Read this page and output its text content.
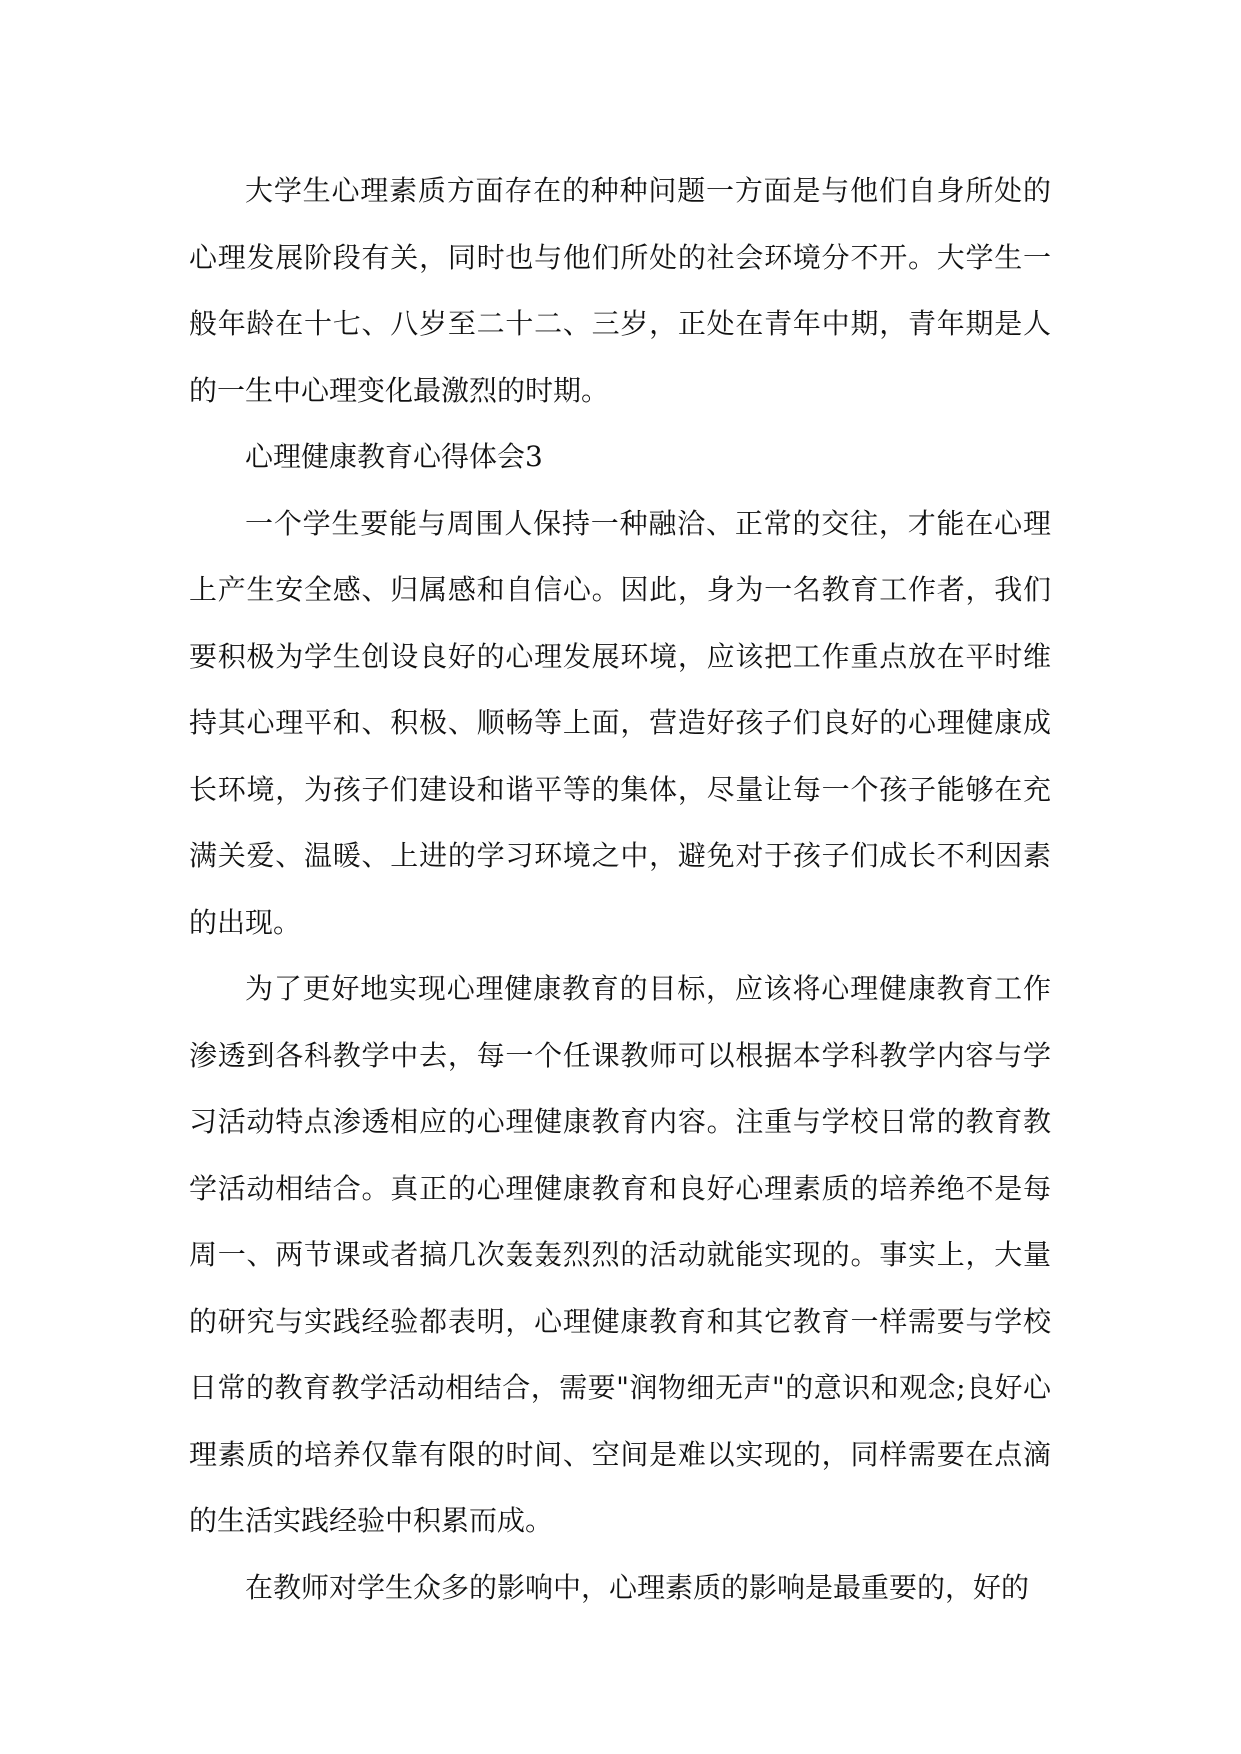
大学生心理素质方面存在的种种问题一方面是与他们自身所处的心理发展阶段有关，同时也与他们所处的社会环境分不开。大学生一般年龄在十七、八岁至二十二、三岁，正处在青年中期，青年期是人的一生中心理变化最激烈的时期。

心理健康教育心得体会3

一个学生要能与周围人保持一种融洽、正常的交往，才能在心理上产生安全感、归属感和自信心。因此，身为一名教育工作者，我们要积极为学生创设良好的心理发展环境，应该把工作重点放在平时维持其心理平和、积极、顺畅等上面，营造好孩子们良好的心理健康成长环境，为孩子们建设和谐平等的集体，尽量让每一个孩子能够在充满关爱、温暖、上进的学习环境之中，避免对于孩子们成长不利因素的出现。

为了更好地实现心理健康教育的目标，应该将心理健康教育工作渗透到各科教学中去，每一个任课教师可以根据本学科教学内容与学习活动特点渗透相应的心理健康教育内容。注重与学校日常的教育教学活动相结合。真正的心理健康教育和良好心理素质的培养绝不是每周一、两节课或者搞几次轰轰烈烈的活动就能实现的。事实上，大量的研究与实践经验都表明，心理健康教育和其它教育一样需要与学校日常的教育教学活动相结合，需要"润物细无声"的意识和观念;良好心理素质的培养仅靠有限的时间、空间是难以实现的，同样需要在点滴的生活实践经验中积累而成。

在教师对学生众多的影响中，心理素质的影响是最重要的，好的
